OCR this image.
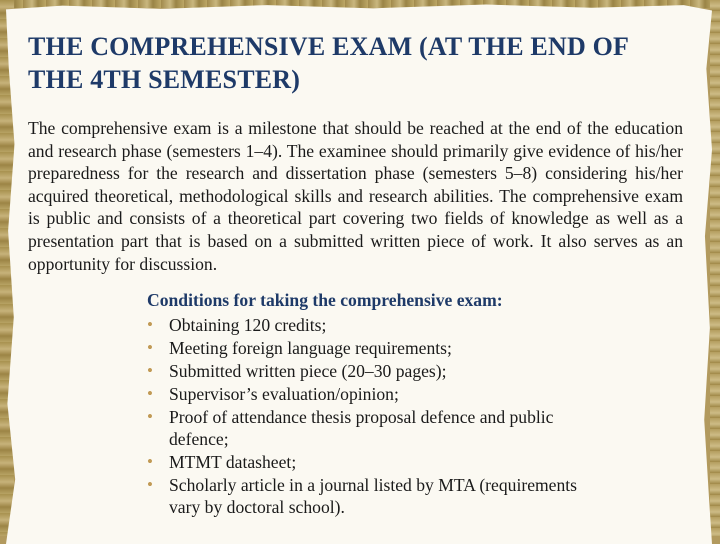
THE COMPREHENSIVE EXAM (AT THE END OF THE 4TH SEMESTER)

The comprehensive exam is a milestone that should be reached at the end of the education and research phase (semesters 1–4). The examinee should primarily give evidence of his/her preparedness for the research and dissertation phase (semesters 5–8) considering his/her acquired theoretical, methodological skills and research abilities. The comprehensive exam is public and consists of a theoretical part covering two fields of knowledge as well as a presentation part that is based on a submitted written piece of work. It also serves as an opportunity for discussion.

Conditions for taking the comprehensive exam:
• Obtaining 120 credits;
• Meeting foreign language requirements;
• Submitted written piece (20–30 pages);
• Supervisor’s evaluation/opinion;
• Proof of attendance thesis proposal defence and public defence;
• MTMT datasheet;
• Scholarly article in a journal listed by MTA (requirements vary by doctoral school).
